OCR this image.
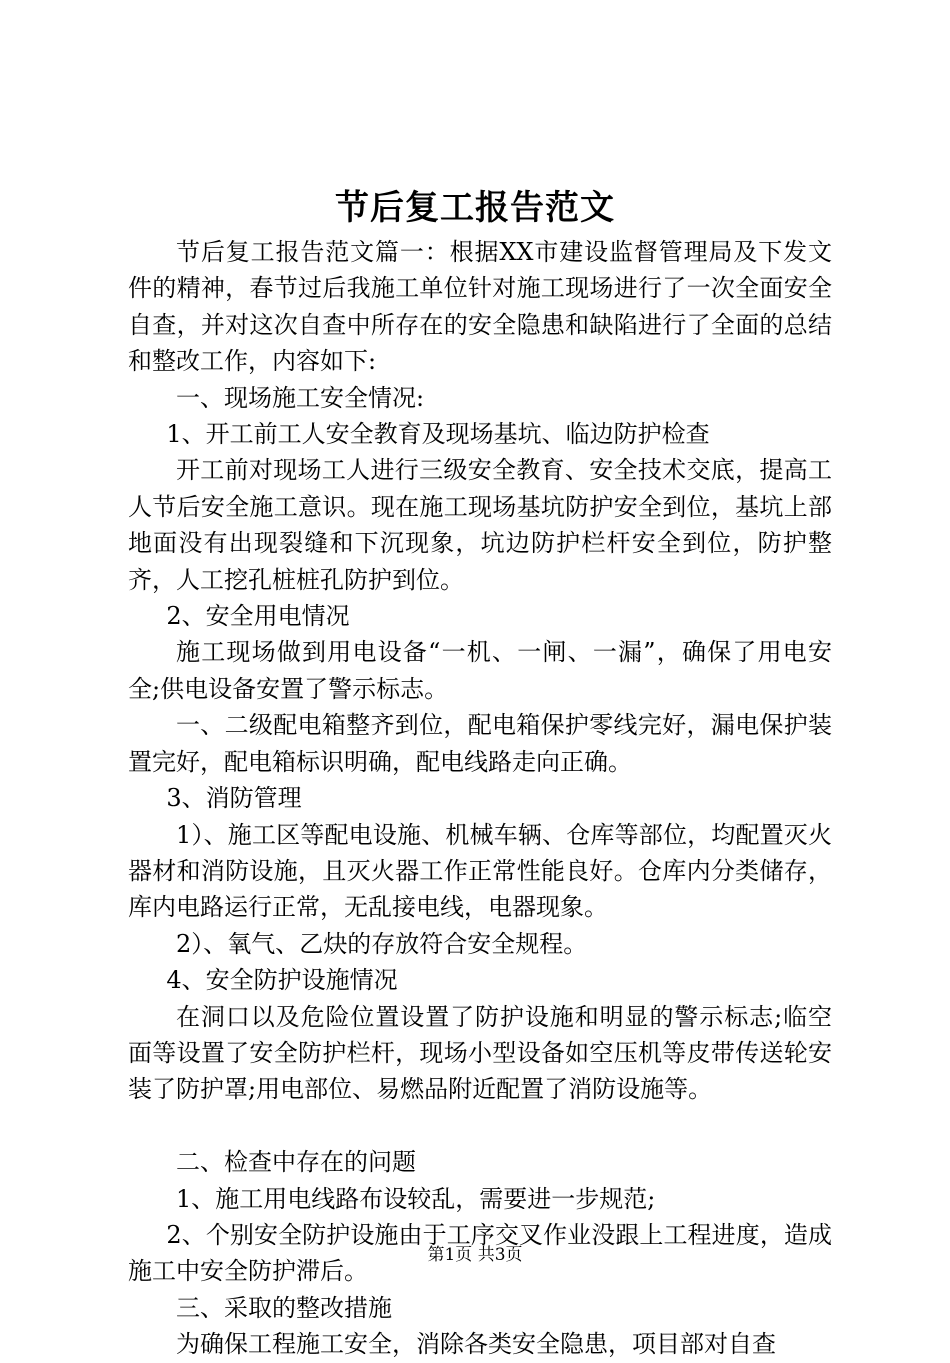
节后复工报告范文

节后复工报告范文篇一：根据XX市建设监督管理局及下发文件的精神，春节过后我施工单位针对施工现场进行了一次全面安全自查，并对这次自查中所存在的安全隐患和缺陷进行了全面的总结和整改工作，内容如下:

一、现场施工安全情况:

1、开工前工人安全教育及现场基坑、临边防护检查

开工前对现场工人进行三级安全教育、安全技术交底，提高工人节后安全施工意识。现在施工现场基坑防护安全到位，基坑上部地面没有出现裂缝和下沉现象，坑边防护栏杆安全到位，防护整齐，人工挖孔桩桩孔防护到位。

2、安全用电情况

施工现场做到用电设备“一机、一闸、一漏”，确保了用电安全;供电设备安置了警示标志。

一、二级配电箱整齐到位，配电箱保护零线完好，漏电保护装置完好，配电箱标识明确，配电线路走向正确。

3、消防管理

1）、施工区等配电设施、机械车辆、仓库等部位，均配置灭火器材和消防设施，且灭火器工作正常性能良好。仓库内分类储存，库内电路运行正常，无乱接电线，电器现象。

2）、氧气、乙炔的存放符合安全规程。

4、安全防护设施情况

在洞口以及危险位置设置了防护设施和明显的警示标志;临空面等设置了安全防护栏杆，现场小型设备如空压机等皮带传送轮安装了防护罩;用电部位、易燃品附近配置了消防设施等。

二、检查中存在的问题

1、施工用电线路布设较乱，需要进一步规范;

2、个别安全防护设施由于工序交叉作业没跟上工程进度，造成施工中安全防护滞后。

三、采取的整改措施

为确保工程施工安全，消除各类安全隐患，项目部对自查

第1页 共3页
